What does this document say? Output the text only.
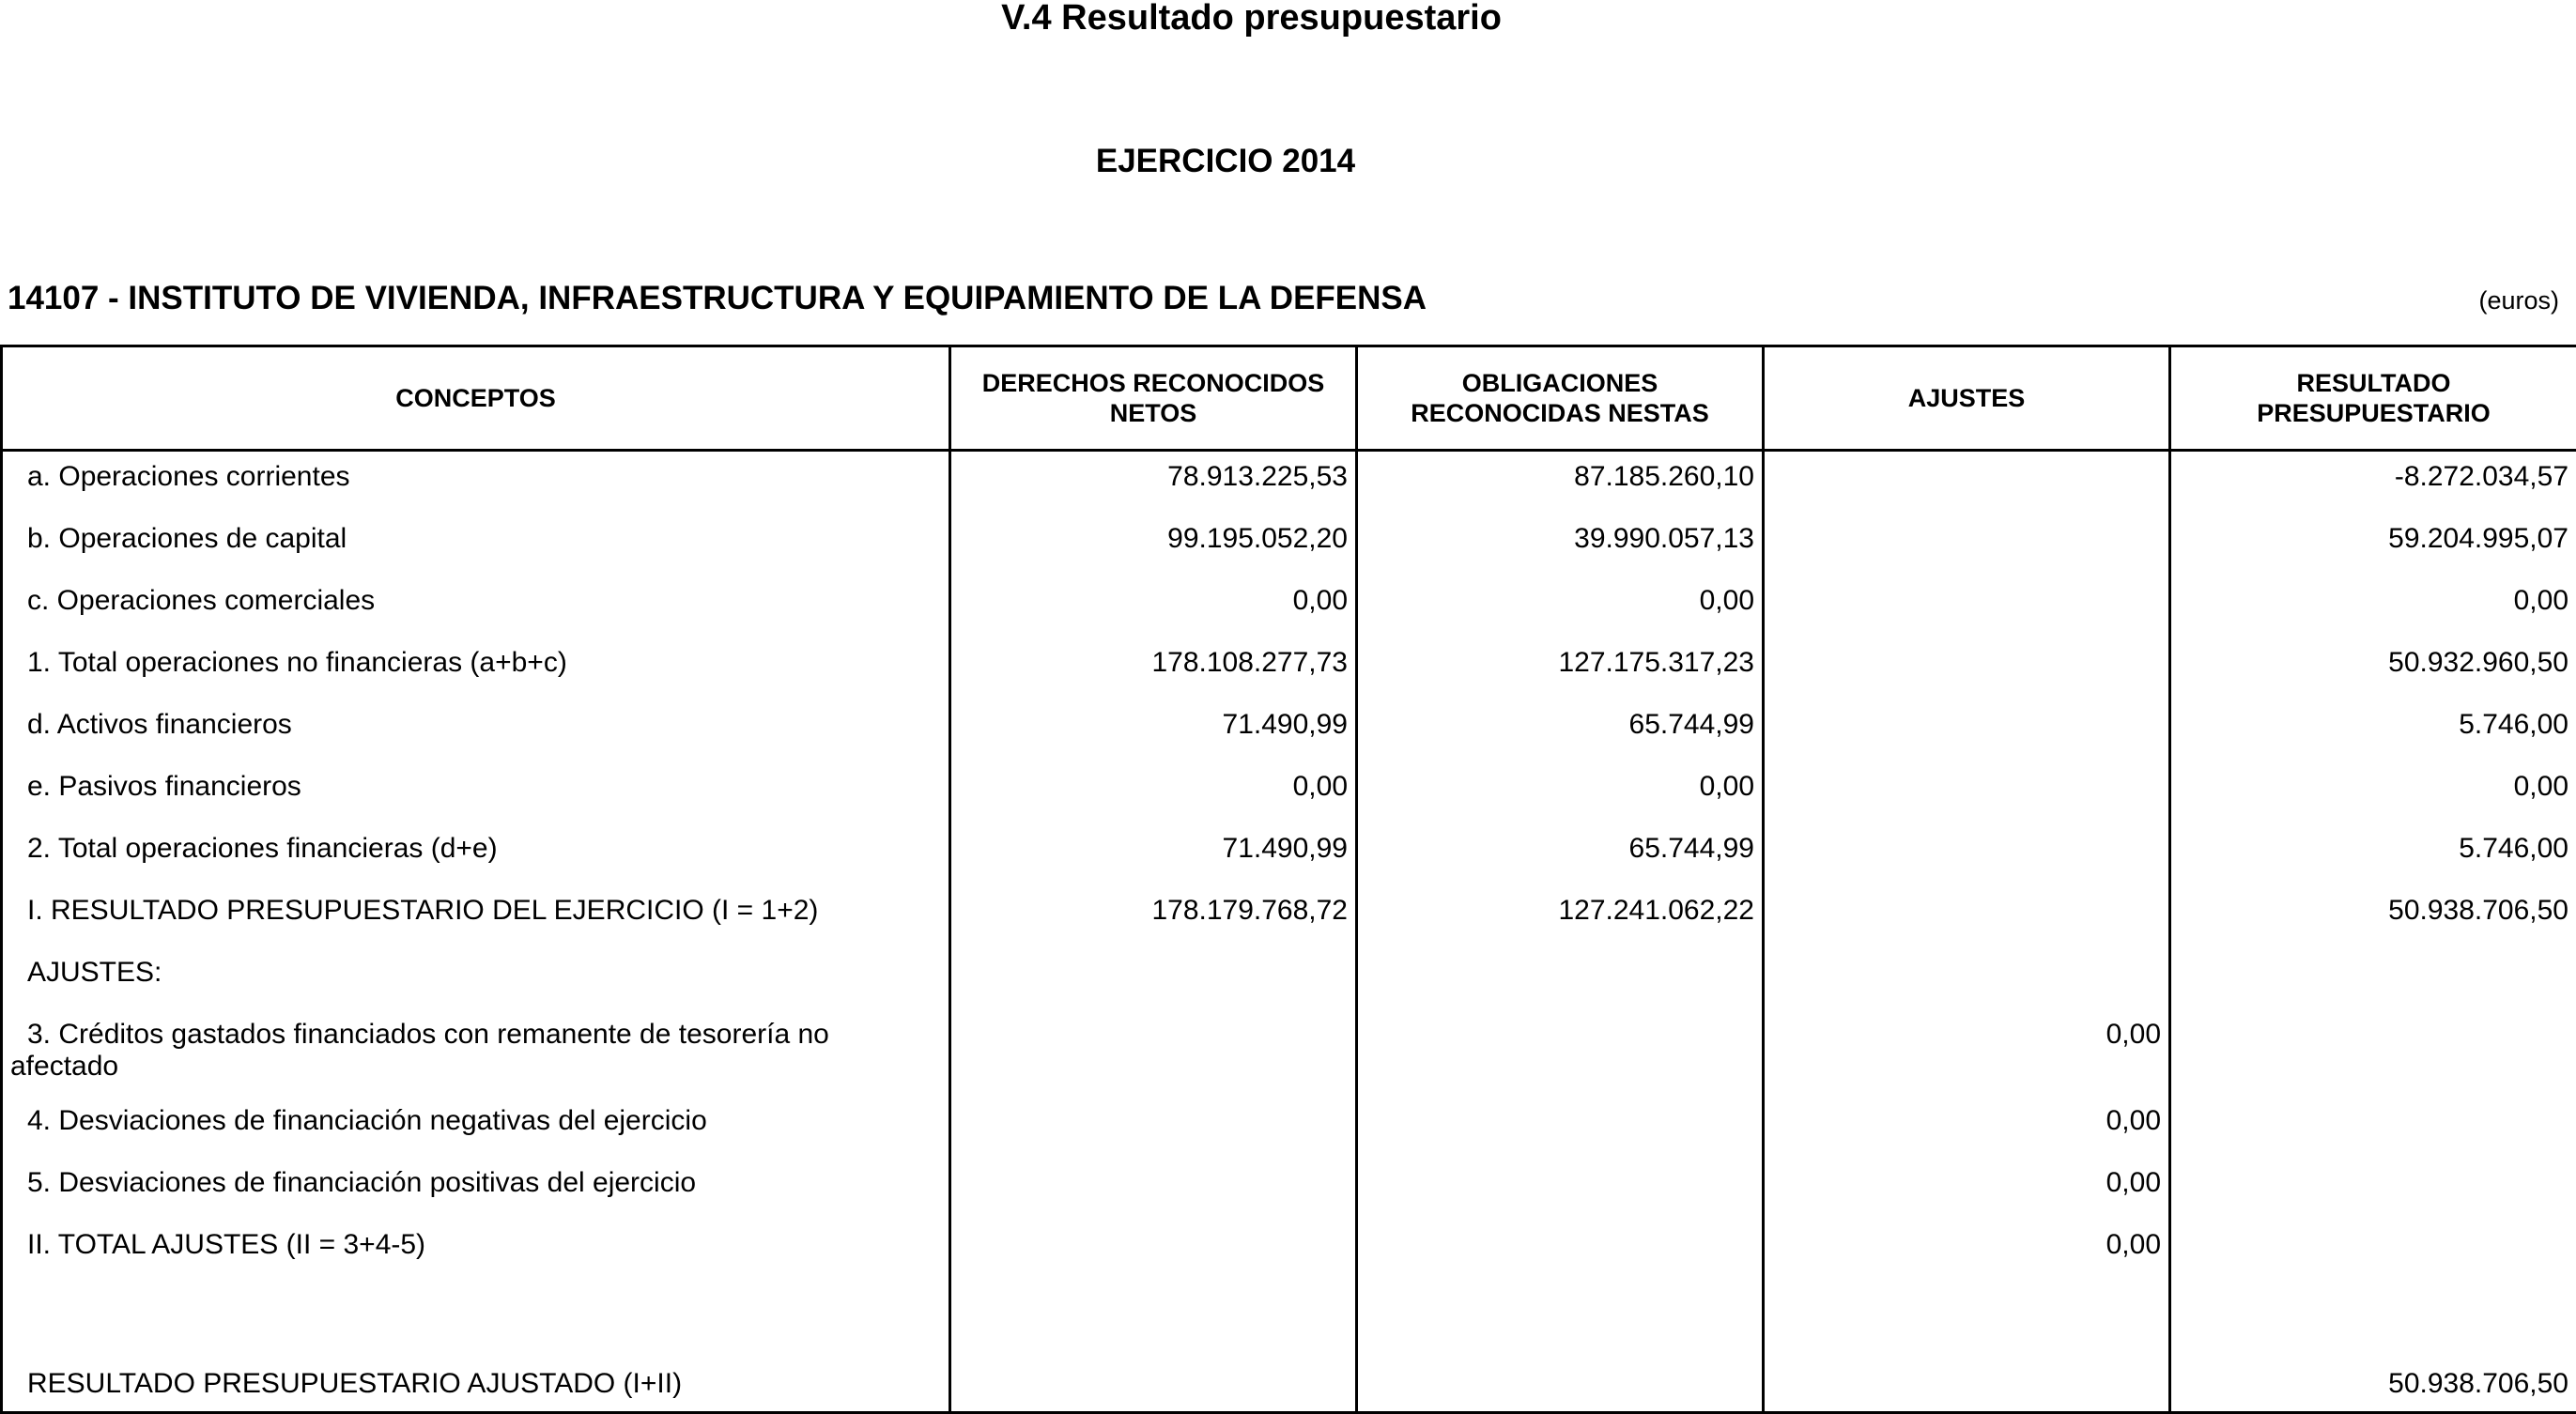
V.4 Resultado presupuestario
EJERCICIO 2014
14107 - INSTITUTO DE VIVIENDA, INFRAESTRUCTURA Y EQUIPAMIENTO DE LA DEFENSA	(euros)
CONCEPTOS	DERECHOS RECONOCIDOS NETOS	OBLIGACIONES RECONOCIDAS NESTAS	AJUSTES	RESULTADO PRESUPUESTARIO
a. Operaciones corrientes	78.913.225,53	87.185.260,10		-8.272.034,57
b. Operaciones de capital	99.195.052,20	39.990.057,13		59.204.995,07
c. Operaciones comerciales	0,00	0,00		0,00
1. Total operaciones no financieras (a+b+c)	178.108.277,73	127.175.317,23		50.932.960,50
d. Activos financieros	71.490,99	65.744,99		5.746,00
e. Pasivos financieros	0,00	0,00		0,00
2. Total operaciones financieras (d+e)	71.490,99	65.744,99		5.746,00
I. RESULTADO PRESUPUESTARIO DEL EJERCICIO (I = 1+2)	178.179.768,72	127.241.062,22		50.938.706,50
AJUSTES:				
3. Créditos gastados financiados con remanente de tesorería no afectado			0,00	
4. Desviaciones de financiación negativas del ejercicio			0,00	
5. Desviaciones de financiación positivas del ejercicio			0,00	
II. TOTAL AJUSTES (II = 3+4-5)			0,00	

RESULTADO PRESUPUESTARIO AJUSTADO (I+II)				50.938.706,50
